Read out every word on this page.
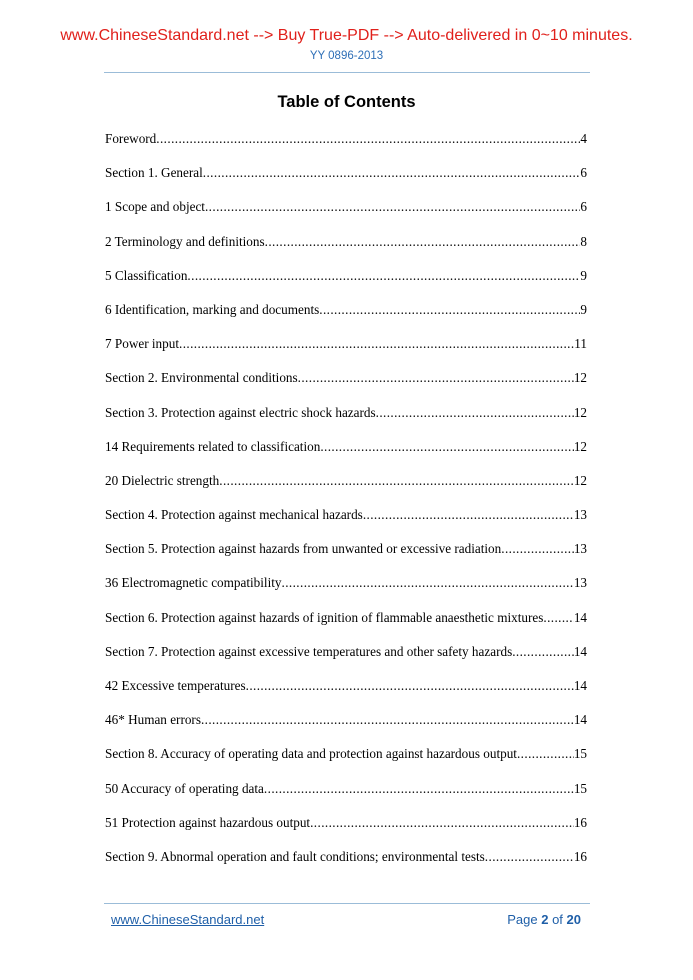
www.ChineseStandard.net --> Buy True-PDF --> Auto-delivered in 0~10 minutes.
YY 0896-2013
Table of Contents
Foreword .....	4
Section 1. General .....	6
1 Scope and object .....	6
2 Terminology and definitions .....	8
5 Classification .....	9
6 Identification, marking and documents .....	9
7 Power input .....	11
Section 2. Environmental conditions .....	12
Section 3. Protection against electric shock hazards .....	12
14 Requirements related to classification .....	12
20 Dielectric strength .....	12
Section 4. Protection against mechanical hazards .....	13
Section 5. Protection against hazards from unwanted or excessive radiation .....	13
36 Electromagnetic compatibility .....	13
Section 6. Protection against hazards of ignition of flammable anaesthetic mixtures ..... 14
Section 7. Protection against excessive temperatures and other safety hazards .....	14
42 Excessive temperatures .....	14
46* Human errors .....	14
Section 8. Accuracy of operating data and protection against hazardous output .....	15
50 Accuracy of operating data .....	15
51 Protection against hazardous output .....	16
Section 9. Abnormal operation and fault conditions; environmental tests .....	16
www.ChineseStandard.net	Page 2 of 20
